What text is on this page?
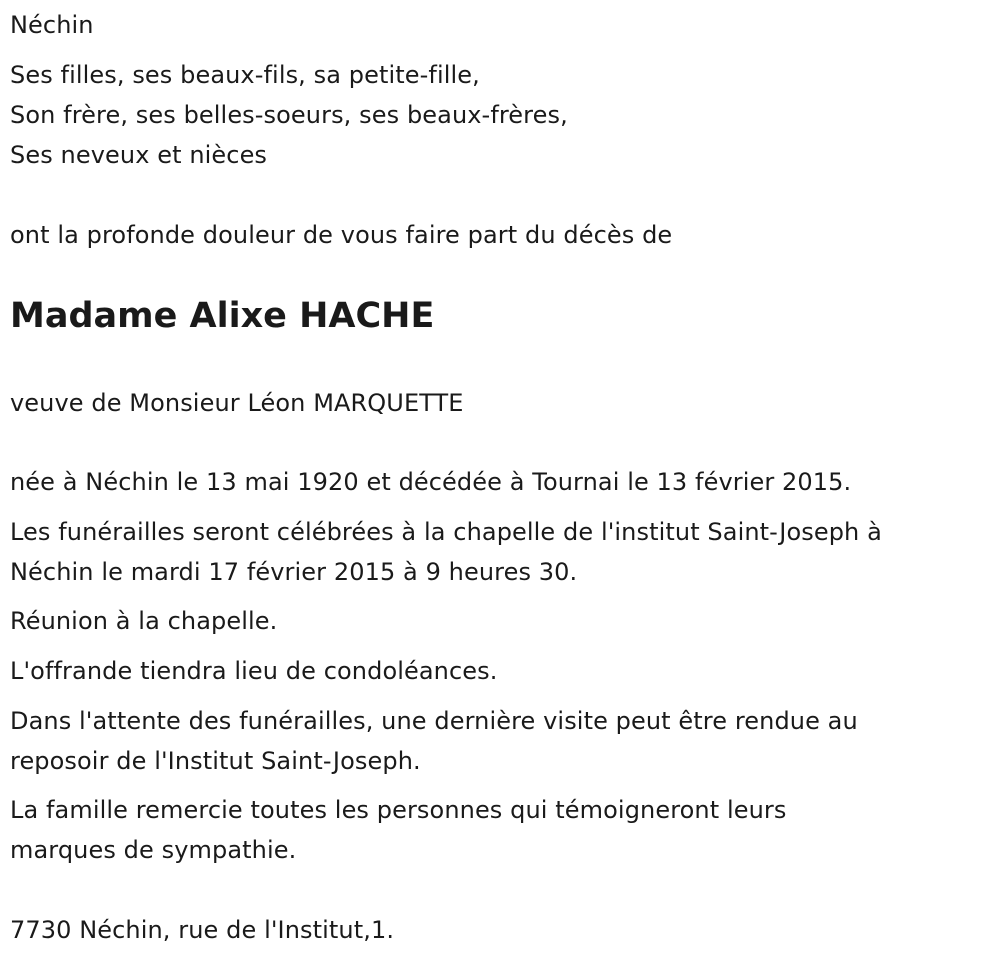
Néchin
Ses filles, ses beaux-fils, sa petite-fille,
Son frère, ses belles-soeurs, ses beaux-frères,
Ses neveux et nièces
ont la profonde douleur de vous faire part du décès de
Madame Alixe HACHE
veuve de Monsieur Léon MARQUETTE
née à Néchin le 13 mai 1920 et décédée à Tournai le 13 février 2015.
Les funérailles seront célébrées à la chapelle de l'institut Saint-Joseph à
Néchin le mardi 17 février 2015 à 9 heures 30.
Réunion à la chapelle.
L'offrande tiendra lieu de condoléances.
Dans l'attente des funérailles, une dernière visite peut être rendue au
reposoir de l'Institut Saint-Joseph.
La famille remercie toutes les personnes qui témoigneront leurs
marques de sympathie.
7730 Néchin, rue de l'Institut,1.
